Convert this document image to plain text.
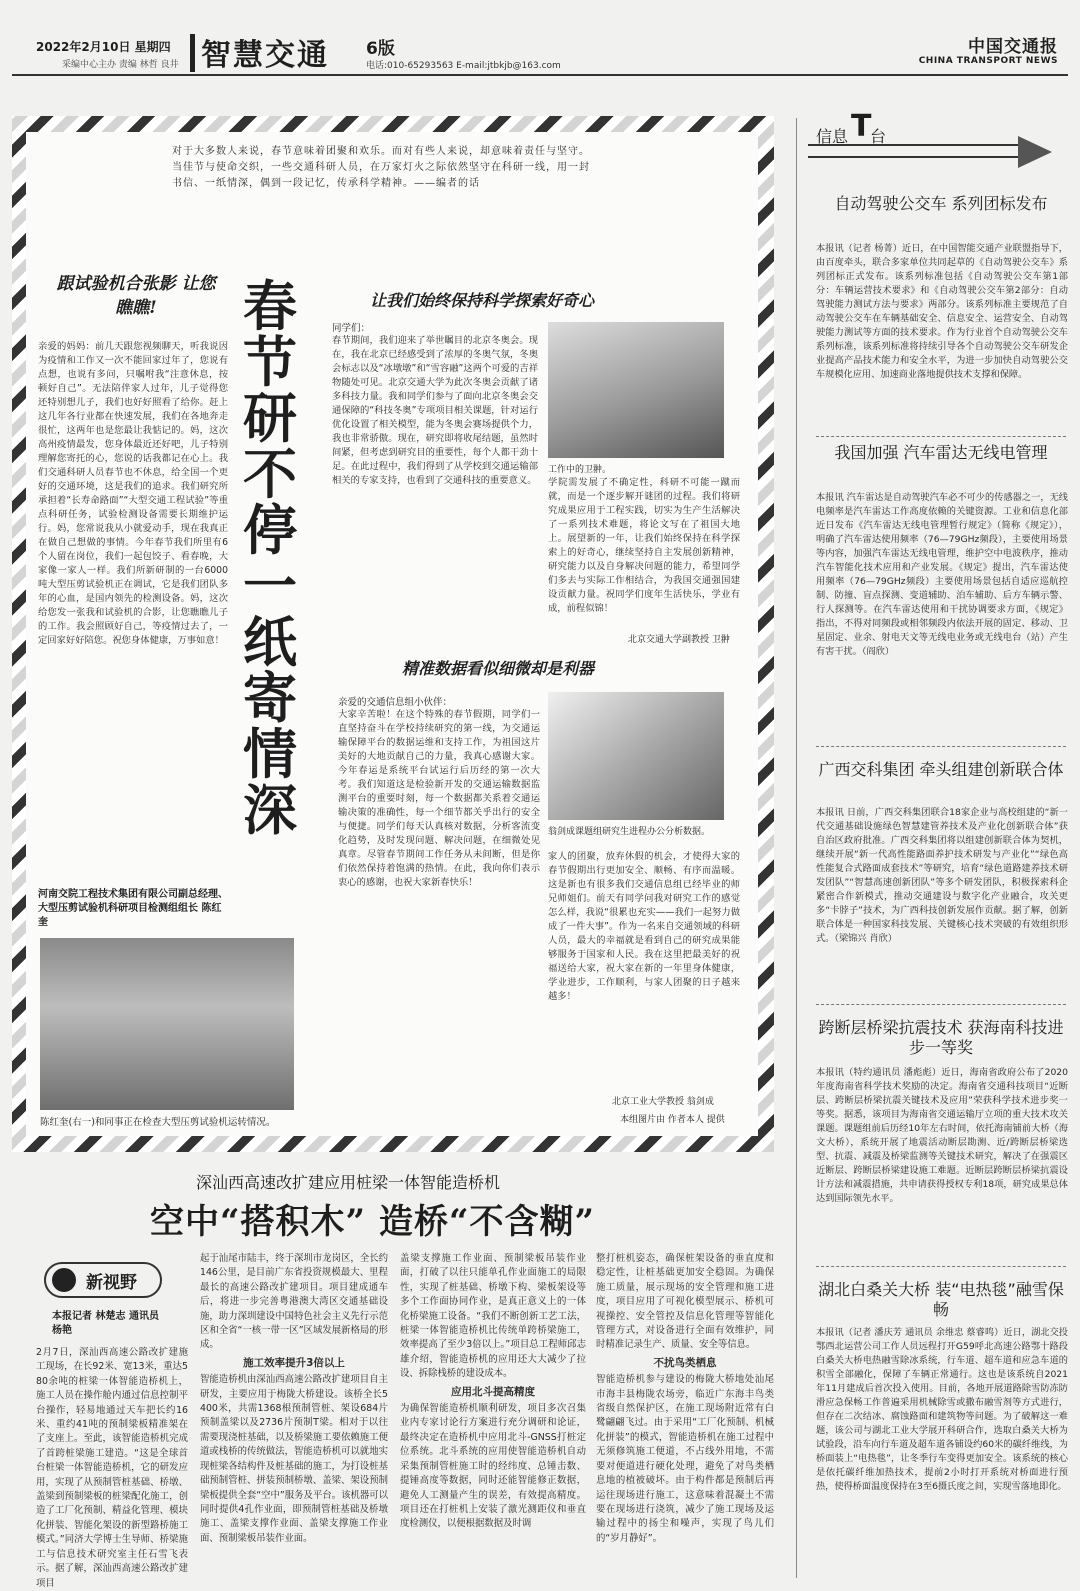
2022年2月10日 星期四
采编中心主办 责编 林哲 良井 智慧交通 6版
电话:010-65293563 E-mail:jtbkjb@163.com
中国交通报
CHINA TRANSPORT NEWS
对于大多数人来说，春节意味着团聚和欢乐。而对有些人来说，却意味着责任与坚守。当佳节与使命交织，一些交通科研人员，在万家灯火之际依然坚守在科研一线，用一封书信、一纸情深，偶到一段记忆，传承科学精神。——编者的话
春节研不停 一纸寄情深
跟试验机合张影 让您瞧瞧!
亲爱的妈妈：前几天跟您视频聊天，听我说因为疫情和工作又一次不能回家过年了，您说有点想，也说有多问，只嘱咐我“注意休息，按顿好自己”。无法陪伴家人过年，儿子觉得您还特别想儿子，我们也好好照看了给你。赶上这几年各行业都在快速发展，我们在各地奔走很忙，这两年也是您最让我惦记的。妈，这次高州疫情最发，您身体最近还好吧，儿子特别理解您寄托的心，您说的话我都记在心上。我们交通科研人员春节也不休息，给全国一个更好的交通环境，这是我们的追求。我们研究所承担着“长寿命路面”“大型交通工程试验”等重点科研任务，试验检测设备需要长期维护运行。妈，您常说我从小就爱动手，现在我真正在做自己想做的事情。今年春节我们所里有6个人留在岗位，我们一起包饺子、看春晚，大家像一家人一样。我们所新研制的一台6000吨大型压剪试验机正在调试，它是我们团队多年的心血，是国内领先的检测设备。妈，这次给您发一张我和试验机的合影，让您瞧瞧儿子的工作。我会照顾好自己，等疫情过去了，一定回家好好陪您。祝您身体健康，万事如意！
河南交院工程技术集团有限公司副总经理、大型压剪试验机科研项目检测组组长 陈红奎
陈红奎(右一)和同事正在检查大型压剪试验机运转情况。
让我们始终保持科学探索好奇心
同学们：
春节期间，我们迎来了举世瞩目的北京冬奥会。现在，我在北京已经感受到了浓厚的冬奥气氛，冬奥会标志以及“冰墩墩”和“雪容融”这两个可爱的吉祥物随处可见。北京交通大学为此次冬奥会贡献了诸多科技力量。我和同学们参与了面向北京冬奥会交通保障的“科技冬奥”专项项目相关课题，针对运行优化设置了相关模型，能为冬奥会赛场提供个力，我也非常骄傲。现在，研究即将收尾结题，虽然时间紧，但考虑到研究目的重要性，每个人都干劲十足。在此过程中，我们得到了从学校到交通运输部相关的专家支持，也看到了交通科技的重要意义。
工作中的卫翀。
学院需发展了不确定性，科研不可能一蹴而就，而是一个逐步解开谜团的过程。我们将研究成果应用于工程实践，切实为生产生活解决了一系列技术难题，将论文写在了祖国大地上。展望新的一年，让我们始终保持在科学探索上的好奇心，继续坚持自主发展创新精神，研究能力以及自身解决问题的能力，希望同学们多去与实际工作相结合，为我国交通强国建设贡献力量。祝同学们度年生活快乐，学业有成，前程似锦！
北京交通大学副教授 卫翀
精准数据看似细微却是利器
亲爱的交通信息组小伙伴：
大家辛苦啦！在这个特殊的春节假期，同学们一直坚持奋斗在学校持续研究的第一线，为交通运输保障平台的数据运维和支持工作，为祖国这片美好的大地贡献自己的力量，我真心感谢大家。今年春运是系统平台试运行后历经的第一次大考。我们知道这是检验新开发的交通运输数据监测平台的重要时刻，每一个数据都关系着交通运输决策的准确性，每一个细节都关乎出行的安全与便捷。同学们每天认真核对数据，分析客流变化趋势，及时发现问题、解决问题，在细微处见真章。尽管春节期间工作任务从未间断，但是你们依然保持着饱满的热情。在此，我向你们表示衷心的感谢，也祝大家新春快乐！
翁剑成课题组研究生进程办公分析数据。
家人的团聚，放弃休假的机会，才使得大家的春节假期出行更加安全、顺畅、有序而温暖。这是新也有很多我们交通信息组已经毕业的师兄师姐们。前天有同学问我对研究工作的感觉怎么样，我说“很累也充实——我们一起努力做成了一件大事”。作为一名来自交通领域的科研人员，最大的幸福就是看到自己的研究成果能够服务于国家和人民。我在这里把最美好的祝福送给大家，祝大家在新的一年里身体健康，学业进步，工作顺利，与家人团聚的日子越来越多！
北京工业大学教授 翁剑成
本组图片由 作者本人 提供
深汕西高速改扩建应用桩梁一体智能造桥机
空中“搭积木” 造桥“不含糊”
新视野
本报记者 林楚志 通讯员 杨艳
2月7日，深汕西高速公路改扩建施工现场，在长92米、宽13米，重达580余吨的桩梁一体智能造桥机上，施工人员在操作舱内通过信息控制平台操作，轻易地通过天车把长约16米、重约41吨的预制梁板精准架在了支座上。至此，该智能造桥机完成了首跨桩梁施工建造。“这是全球首台桩梁一体智能造桥机，它的研发应用，实现了从预制管桩基础、桥墩、盖梁到预制梁板的桩梁配化施工，创造了工厂化预制、精益化管理、模块化拼装、智能化架设的新型路桥施工模式。”同济大学博士生导师、桥梁施工与信息技术研究室主任石雪飞表示。据了解，深汕西高速公路改扩建项目
起于汕尾市陆丰，终于深圳市龙岗区，全长约146公里，是目前广东省投资规模最大、里程最长的高速公路改扩建项目。项目建成通车后，将进一步完善粤港澳大湾区交通基础设施，助力深圳建设中国特色社会主义先行示范区和全省“一核一带一区”区域发展新格局的形成。
施工效率提升3倍以上
智能造桥机由深汕西高速公路改扩建项目自主研发，主要应用于梅陇大桥建设。该桥全长5400米，共需1368根预制管桩、架设684片预制盖梁以及2736片预制T梁。相对于以往需要现浇桩基础，以及桥梁施工要依赖施工便道或栈桥的传统做法，智能造桥机可以就地实现桩梁各结构件及桩基础的施工，为打设桩基础预制管桩、拼装预制桥墩、盖梁、架设预制梁板提供全套“空中”服务及平台。该机器可以同时提供4孔作业面，即预制管桩基础及桥墩施工、盖梁支撑作业面、盖梁支撑施工作业面、预制梁板吊装作业面。
盖梁支撑施工作业面、预制梁板吊装作业面，打破了以往只能单孔作业面施工的局限性，实现了桩基础、桥墩下构、梁板架设等多个工作面协同作业，是真正意义上的一体化桥梁施工设备。“我们不断创新工艺工法，桩梁一体智能造桥机比传统单跨桥梁施工，效率提高了至少3倍以上。”项目总工程师邱志雄介绍，智能造桥机的应用还大大减少了拉设、拆除栈桥的建设成本。
应用北斗提高精度
为确保智能造桥机顺利研发，项目多次召集业内专家讨论行方案进行充分调研和论证，最终决定在造桥机中应用北斗-GNSS打桩定位系统。北斗系统的应用使智能造桥机自动采集预制管桩施工时的经纬度、总锤击数、提锤高度等数据，同时还能智能修正数据，避免人工测量产生的误差，有效提高精度。项目还在打桩机上安装了激光测距仪和垂直度检测仪，以便根据数据及时调
整打桩机姿态，确保桩架设备的垂直度和稳定性，让桩基础更加安全稳固。为确保施工质量，展示现场的安全管理和施工进度，项目应用了可视化模型展示、桥机可视操控、安全管控及信息化管理等智能化管理方式，对设备进行全面有效维护，同时精准记录生产、质量、安全等信息。
不扰鸟类栖息
智能造桥机参与建设的梅陇大桥地处汕尾市海丰县梅陇农场旁，临近广东海丰鸟类省级自然保护区，在施工现场附近常有白鹭翩翩飞过。由于采用“工厂化预制、机械化拼装”的模式，智能造桥机在施工过程中无须修筑施工便道，不占线外用地，不需要对便道进行硬化处理，避免了对鸟类栖息地的植被破坏。由于构件都是预制后再运往现场进行施工，这意味着混凝土不需要在现场进行浇筑，减少了施工现场及运输过程中的扬尘和噪声，实现了鸟儿们的“岁月静好”。
信息 台
T
自动驾驶公交车 系列团标发布
本报讯（记者 杨菁）近日，在中国智能交通产业联盟指导下，由百度牵头，联合多家单位共同起草的《自动驾驶公交车》系列团标正式发布。该系列标准包括《自动驾驶公交车第1部分：车辆运营技术要求》和《自动驾驶公交车第2部分：自动驾驶能力测试方法与要求》两部分。该系列标准主要规范了自动驾驶公交车在车辆基础安全、信息安全、运营安全、自动驾驶能力测试等方面的技术要求。作为行业首个自动驾驶公交车系列标准，该系列标准将持续引导各个自动驾驶公交车研发企业提高产品技术能力和安全水平，为进一步加快自动驾驶公交车规模化应用、加速商业落地提供技术支撑和保障。
我国加强 汽车雷达无线电管理
本报讯 汽车雷达是自动驾驶汽车必不可少的传感器之一，无线电频率是汽车雷达工作高度依赖的关键资源。工业和信息化部近日发布《汽车雷达无线电管理暂行规定》（简称《规定》），明确了汽车雷达使用频率（76—79GHz频段），主要使用场景等内容，加强汽车雷达无线电管理，维护空中电波秩序，推动汽车智能化技术应用和产业发展。《规定》提出，汽车雷达使用频率（76—79GHz频段）主要使用场景包括自适应巡航控制、防撞、盲点探测、变道辅助、泊车辅助、后方车辆示警、行人探测等。在汽车雷达使用和干扰协调要求方面，《规定》指出，不得对同频段或相邻频段内依法开展的固定、移动、卫星固定、业余、射电天文等无线电业务或无线电台（站）产生有害干扰。（阎欣）
广西交科集团 牵头组建创新联合体
本报讯 日前，广西交科集团联合18家企业与高校组建的“新一代交通基础设施绿色智慧建管养技术及产业化创新联合体”获自治区政府批准。广西交科集团将以组建创新联合体为契机，继续开展“新一代高性能路面养护技术研发与产业化”“绿色高性能复合式路面成套技术”等研究，培育“绿色道路建养技术研发团队”“智慧高速创新团队”等多个研发团队，积极探索科企紧密合作新模式，推动交通建设与数字化产业融合，攻关更多“卡脖子”技术，为广西科技创新发展作贡献。据了解，创新联合体是一种国家科技发展、关键核心技术突破的有效组织形式。（梁锦兴 肖欣）
跨断层桥梁抗震技术 获海南科技进步一等奖
本报讯（特约通讯员 潘彪彪）近日，海南省政府公布了2020年度海南省科学技术奖励的决定。海南省交通科技项目“近断层、跨断层桥梁抗震关键技术及应用”荣获科学技术进步奖一等奖。据悉，该项目为海南省交通运输厅立项的重大技术攻关课题。课题组前后历经10年左右时间，依托海南铺前大桥（海文大桥），系统开展了地震活动断层勘测、近/跨断层桥梁选型、抗震、减震及桥梁监测等关键技术研究，解决了在强震区近断层、跨断层桥梁建设施工难题。近断层跨断层桥梁抗震设计方法和减震措施，共申请获得授权专利18项，研究成果总体达到国际领先水平。
湖北白桑关大桥 装“电热毯”融雪保畅
本报讯（记者 潘庆芳 通讯员 余维忠 蔡睿鸣）近日，湖北交投鄂西北运营公司工作人员远程打开G59呼北高速公路鄂十路段白桑关大桥电热融雪除冰系统，行车道、超车道和应急车道的积雪全部融化，保障了车辆正常通行。这也是该系统自2021年11月建成后首次投入使用。目前，各地开展道路除雪防冻防滑应急保畅工作普遍采用机械除雪或撒布融雪剂等方式进行，但存在二次结冰、腐蚀路面和建筑物等问题。为了破解这一难题，该公司与湖北工业大学展开科研合作，选取白桑关大桥为试验段，沿车向行车道及超车道各铺设约60米的碳纤维线，为桥面装上“电热毯”，让冬季行车变得更加安全。该系统的核心是依托碳纤维加热技术，提前2小时打开系统对桥面进行预热，使得桥面温度保持在3至6摄氏度之间，实现雪落地即化。
